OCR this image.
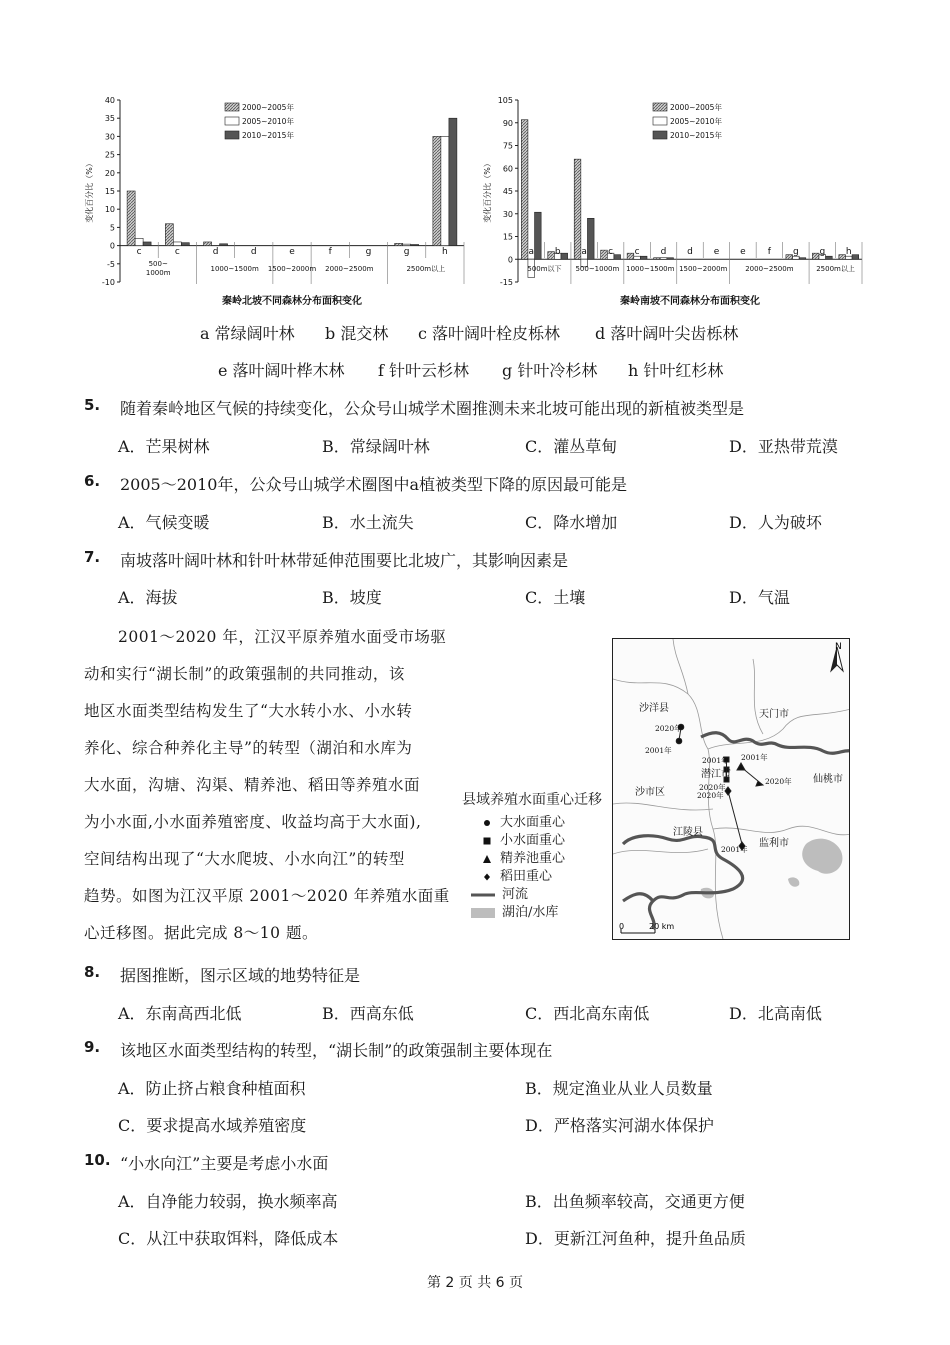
40
35
30
25
20
15
10
5
0
-5
-10
变化百分比（%）
c	c	d	d	e	f	g	g	h
500~
1000m	1000~1500m 1500~2000m 2000~2500m	2500m以上
秦岭北坡不同森林分布面积变化
2000~2005年
2005~2010年
2010~2015年
105
90
75
60
45
30
15
0
-15
变化百分比（%）
a b a c c d d e e f g g h
500m以下 500~1000m 1000~1500m 1500~2000m	2000~2500m	2500m以上
秦岭南坡不同森林分布面积变化
2000~2005年
2005~2010年
2010~2015年
a 常绿阔叶林 b 混交林 c 落叶阔叶栓皮栎林 d 落叶阔叶尖齿栎林
e 落叶阔叶桦木林 f 针叶云杉林 g 针叶冷杉林 h 针叶红杉林
5. 随着秦岭地区气候的持续变化，公众号山城学术圈推测未来北坡可能出现的新植被类型是
A．芒果树林	B．常绿阔叶林	C．灌丛草甸	D．亚热带荒漠
6. 2005～2010年，公众号山城学术圈图中a植被类型下降的原因最可能是
A．气候变暖	B．水土流失	C．降水增加	D．人为破坏
7. 南坡落叶阔叶林和针叶林带延伸范围要比北坡广，其影响因素是
A．海拔	B．坡度	C．土壤	D．气温
2001～2020 年，江汉平原养殖水面受市场驱
动和实行“湖长制”的政策强制的共同推动，该
地区水面类型结构发生了“大水转小水、小水转
养化、综合种养化主导”的转型（湖泊和水库为
大水面，沟塘、沟渠、精养池、稻田等养殖水面
为小水面,小水面养殖密度、收益均高于大水面),
空间结构出现了“大水爬坡、小水向江”的转型
趋势。如图为江汉平原 2001～2020 年养殖水面重
心迁移图。据此完成 8～10 题。
县域养殖水面重心迁移
大水面重心
小水面重心
精养池重心
稻田重心
河流
湖泊/水库
N
沙洋县
天门市
潜江市	仙桃市
沙市区
江陵县
监利市
2020年
2001年
2001年
2020年
2001年
2020年
2020年
2001年
0	20 km
8. 据图推断，图示区域的地势特征是
A．东南高西北低	B．西高东低	C．西北高东南低	D．北高南低
9. 该地区水面类型结构的转型，“湖长制”的政策强制主要体现在
A．防止挤占粮食种植面积	B．规定渔业从业人员数量
C．要求提高水域养殖密度	D．严格落实河湖水体保护
10. “小水向江”主要是考虑小水面
A．自净能力较弱，换水频率高	B．出鱼频率较高，交通更方便
C．从江中获取饵料，降低成本	D．更新江河鱼种，提升鱼品质
第 2 页 共 6 页
